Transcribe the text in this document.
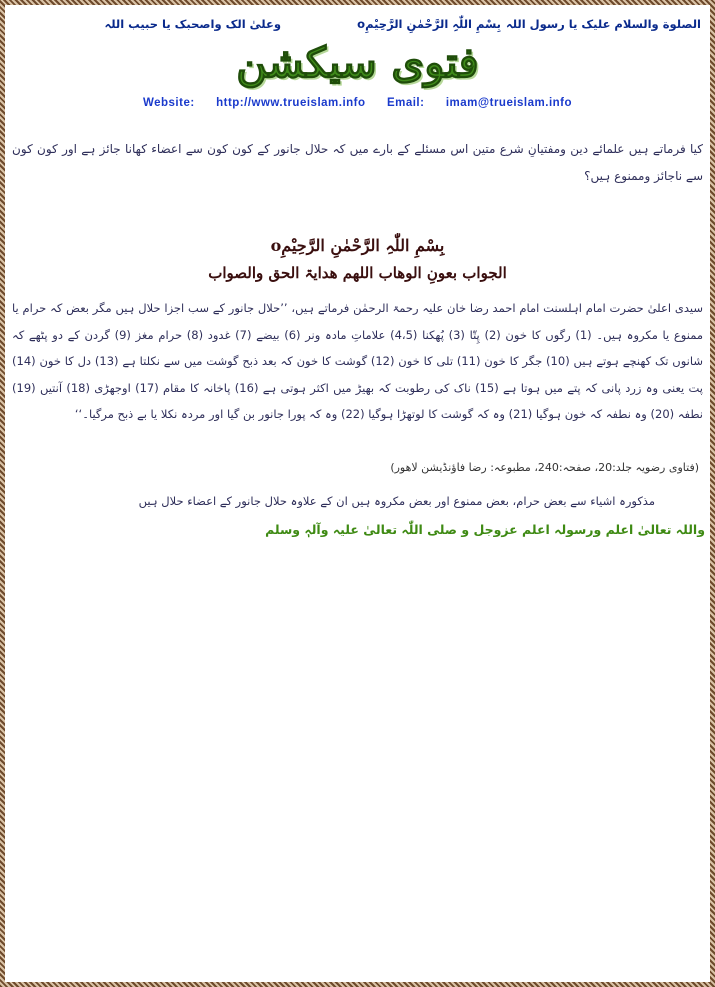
الصلوة والسلام علیک یا رسول اللہ
بِسْمِ اللّٰہِ الرَّحْمٰنِ الرَّحِیْمِo
وعلیٰ الک واصحبک یا حبیب اللہ
فتوی سیکشن
Website: http://www.trueislam.info Email: imam@trueislam.info
کیا فرماتے ہیں علمائے دین ومفتیانِ شرع متین اس مسئلے کے بارے میں کہ حلال جانور کے کون کون سے اعضاء کھانا جائز ہے اور کون کون سے ناجائز وممنوع ہیں؟
بِسْمِ اللّٰہِ الرَّحْمٰنِ الرَّحِیْمِo
الجواب بعونِ الوھاب اللھم ھدایۃ الحق والصواب
سیدی اعلیٰ حضرت امام اہلسنت امام احمد رضا خان علیہ رحمۃ الرحمٰن فرماتے ہیں، ’’حلال جانور کے سب اجزا حلال ہیں مگر بعض کہ حرام یا ممنوع یا مکروہ ہیں۔ (1) رگوں کا خون (2) پِتّا (3) پُھکنا (4،5) علاماتِ مادہ ونر (6) بیضے (7) غدود (8) حرام مغز (9) گردن کے دو پٹھے کہ شانوں تک کھنچے ہوتے ہیں (10) جگر کا خون (11) تلی کا خون (12) گوشت کا خون کہ بعد ذبح گوشت میں سے نکلتا ہے (13) دل کا خون (14) پت یعنی وہ زرد پانی کہ پتے میں ہوتا ہے (15) ناک کی رطوبت کہ بھیڑ میں اکثر ہوتی ہے (16) پاخانہ کا مقام (17) اوجھڑی (18) آنتیں (19) نطفہ (20) وہ نطفہ کہ خون ہوگیا (21) وہ کہ گوشت کا لوتھڑا ہوگیا (22) وہ کہ پورا جانور بن گیا اور مردہ نکلا یا بے ذبح مرگیا۔‘‘
(فتاوی رضویہ جلد:20، صفحہ:240، مطبوعہ: رضا فاؤنڈیشن لاھور)
مذکورہ اشیاء سے بعض حرام، بعض ممنوع اور بعض مکروہ ہیں ان کے علاوہ حلال جانور کے اعضاء حلال ہیں
واللہ تعالیٰ اعلم ورسولہ اعلم عزوجل و صلی اللّٰہ تعالیٰ علیہ وآلہٖ وسلم
